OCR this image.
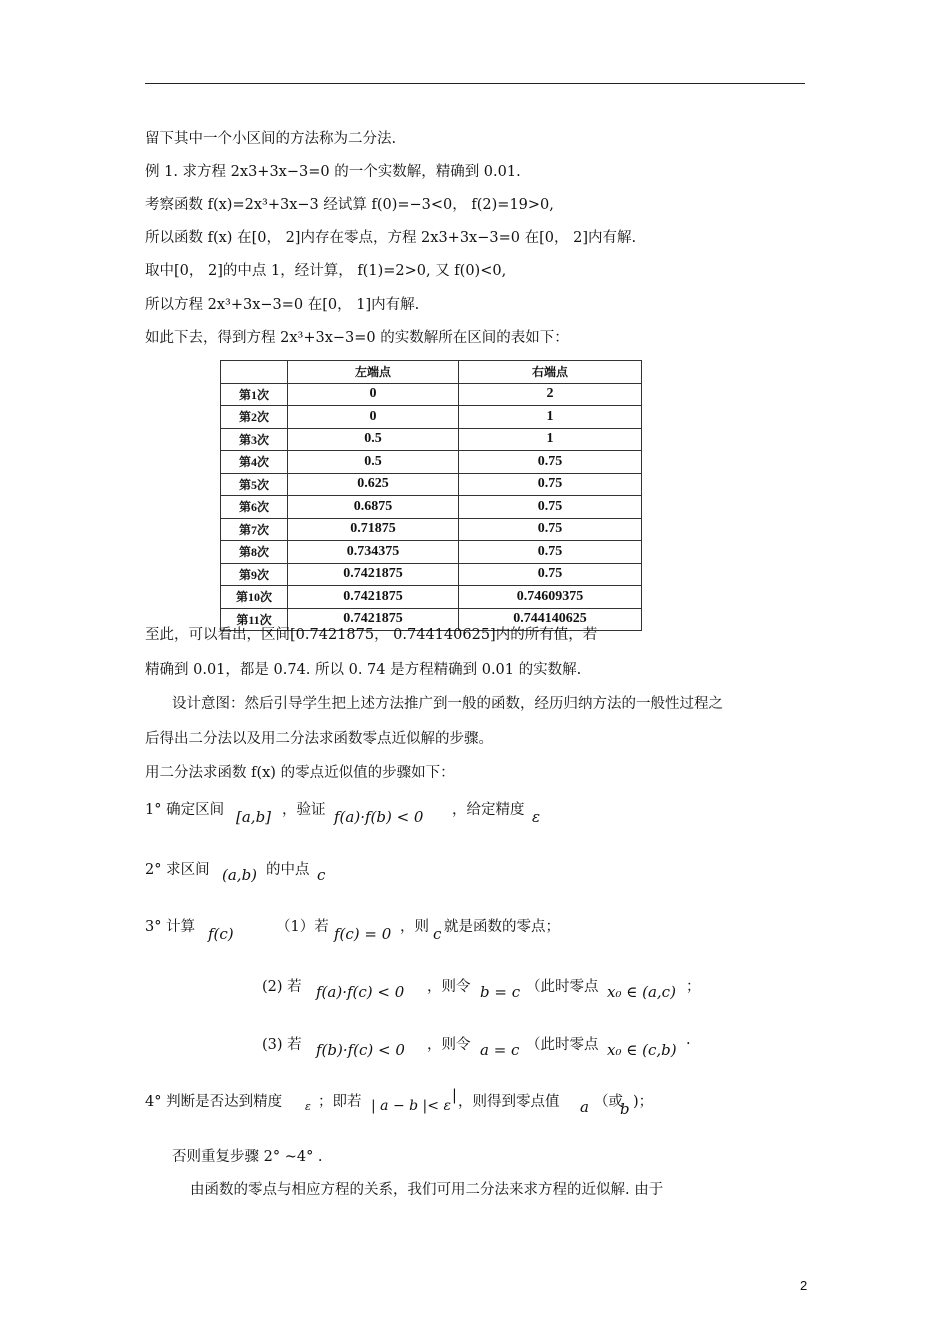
留下其中一个小区间的方法称为二分法.
例 1. 求方程 2x3+3x−3=0 的一个实数解，精确到 0.01.
考察函数 f(x)=2x³+3x−3 经试算 f(0)=−3<0， f(2)=19>0,
所以函数 f(x) 在[0， 2]内存在零点，方程 2x3+3x−3=0 在[0， 2]内有解.
取中[0， 2]的中点 1，经计算， f(1)=2>0, 又 f(0)<0,
所以方程 2x³+3x−3=0 在[0， 1]内有解.
如此下去，得到方程 2x³+3x−3=0 的实数解所在区间的表如下：
	左端点	右端点
第1次	0	2
第2次	0	1
第3次	0.5	1
第4次	0.5	0.75
第5次	0.625	0.75
第6次	0.6875	0.75
第7次	0.71875	0.75
第8次	0.734375	0.75
第9次	0.7421875	0.75
第10次	0.7421875	0.74609375
第11次	0.7421875	0.744140625
至此，可以看出，区间[0.7421875， 0.744140625]内的所有值，若
精确到 0.01，都是 0.74. 所以 0. 74 是方程精确到 0.01 的实数解.
设计意图：然后引导学生把上述方法推广到一般的函数，经历归纳方法的一般性过程之
后得出二分法以及用二分法求函数零点近似解的步骤。
用二分法求函数 f(x) 的零点近似值的步骤如下：
1° 确定区间 [a,b] ，验证 f(a)·f(b) < 0 ，给定精度 ε
2° 求区间 (a,b) 的中点 c
3° 计算 f(c)	（1）若 f(c) = 0 ，则 c 就是函数的零点；
(2) 若 f(a)·f(c) < 0 ，则令 b = c （此时零点 x₀ ∈ (a,c) ；
(3) 若 f(b)·f(c) < 0 ，则令 a = c （此时零点 x₀ ∈ (c,b) ·
4° 判断是否达到精度 ε ；即若 | a − b |< ε
| ，则得到零点值 a （或
b )；
否则重复步骤 2° ~4° .
由函数的零点与相应方程的关系，我们可用二分法来求方程的近似解. 由于
2
